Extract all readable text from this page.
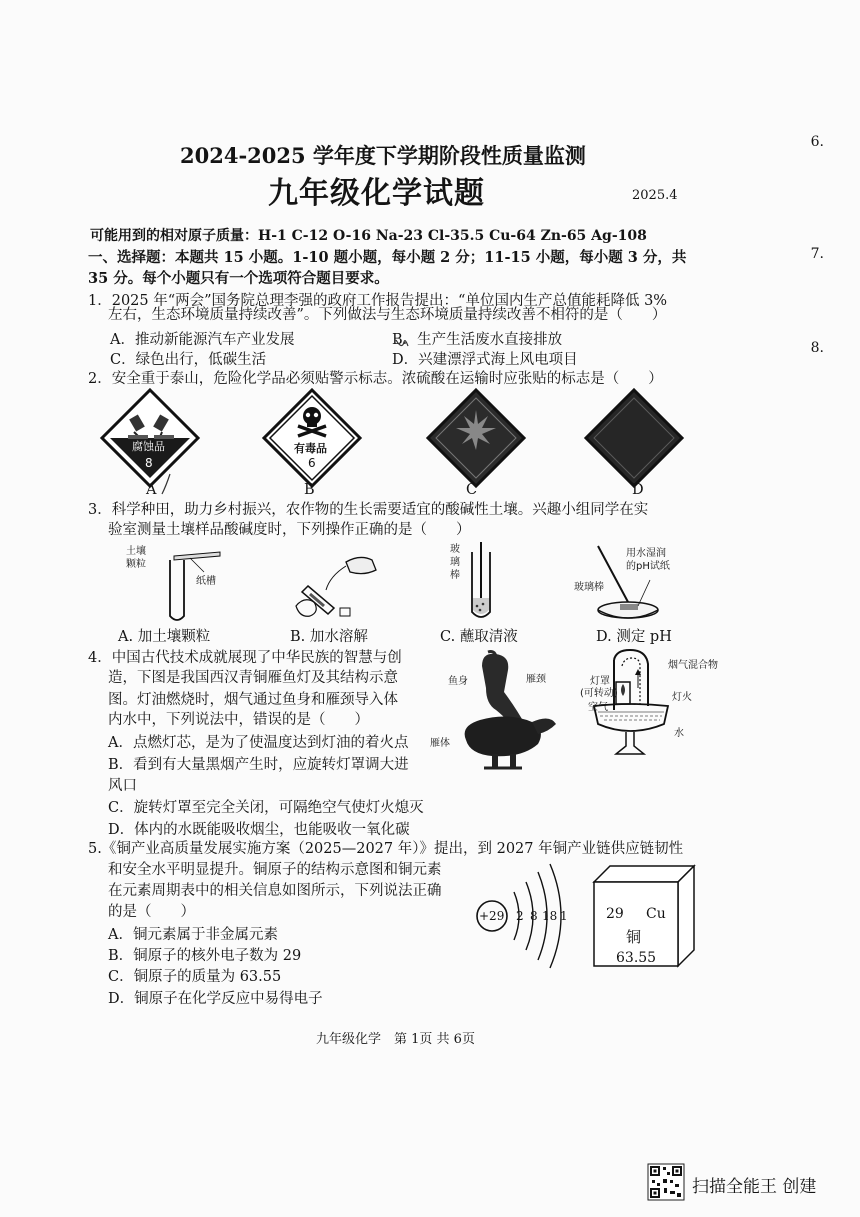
6.
7.
8.
2024-2025 学年度下学期阶段性质量监测
九年级化学试题	2025.4
可能用到的相对原子质量：H-1 C-12 O-16 Na-23 Cl-35.5 Cu-64 Zn-65 Ag-108
一、选择题：本题共 15 小题。1-10 题小题，每小题 2 分；11-15 小题，每小题 3 分，共
35 分。每个小题只有一个选项符合题目要求。
1．2025 年“两会”国务院总理李强的政府工作报告提出：“单位国内生产总值能耗降低 3%
左右，生态环境质量持续改善”。下列做法与生态环境质量持续改善不相符的是（　　）
A．推动新能源汽车产业发展	B．生产生活废水直接排放
C．绿色出行，低碳生活	D．兴建漂浮式海上风电项目
2．安全重于泰山，危险化学品必须贴警示标志。浓硫酸在运输时应张贴的标志是（　　）
腐蚀品
8
有毒品
6
A	B	C	D
3．科学种田，助力乡村振兴，农作物的生长需要适宜的酸碱性土壤。兴趣小组同学在实
验室测量土壤样品酸碱度时，下列操作正确的是（　　）
土壤
颗粒
纸槽
玻
璃
棒
用水湿润
的pH试纸
玻璃棒
A. 加土壤颗粒	B. 加水溶解	C. 蘸取清液	D. 测定 pH
4．中国古代技术成就展现了中华民族的智慧与创
造，下图是我国西汉青铜雁鱼灯及其结构示意
图。灯油燃烧时，烟气通过鱼身和雁颈导入体
内水中，下列说法中，错误的是（　　）
A．点燃灯芯，是为了使温度达到灯油的着火点
B．看到有大量黑烟产生时，应旋转灯罩调大进
风口
C．旋转灯罩至完全关闭，可隔绝空气使灯火熄灭
D．体内的水既能吸收烟尘，也能吸收一氧化碳
鱼身	雁颈
雁体
烟气混合物
灯罩
(可转动)
空气
灯火
水
5.《铜产业高质量发展实施方案（2025—2027 年）》提出，到 2027 年铜产业链供应链韧性
和安全水平明显提升。铜原子的结构示意图和铜元素
在元素周期表中的相关信息如图所示，下列说法正确
的是（　　）
A．铜元素属于非金属元素
B．铜原子的核外电子数为 29
C．铜原子的质量为 63.55
D．铜原子在化学反应中易得电子
+29 2 8 18 1	29 Cu
铜
63.55
九年级化学　第 1页 共 6页
扫描全能王 创建
